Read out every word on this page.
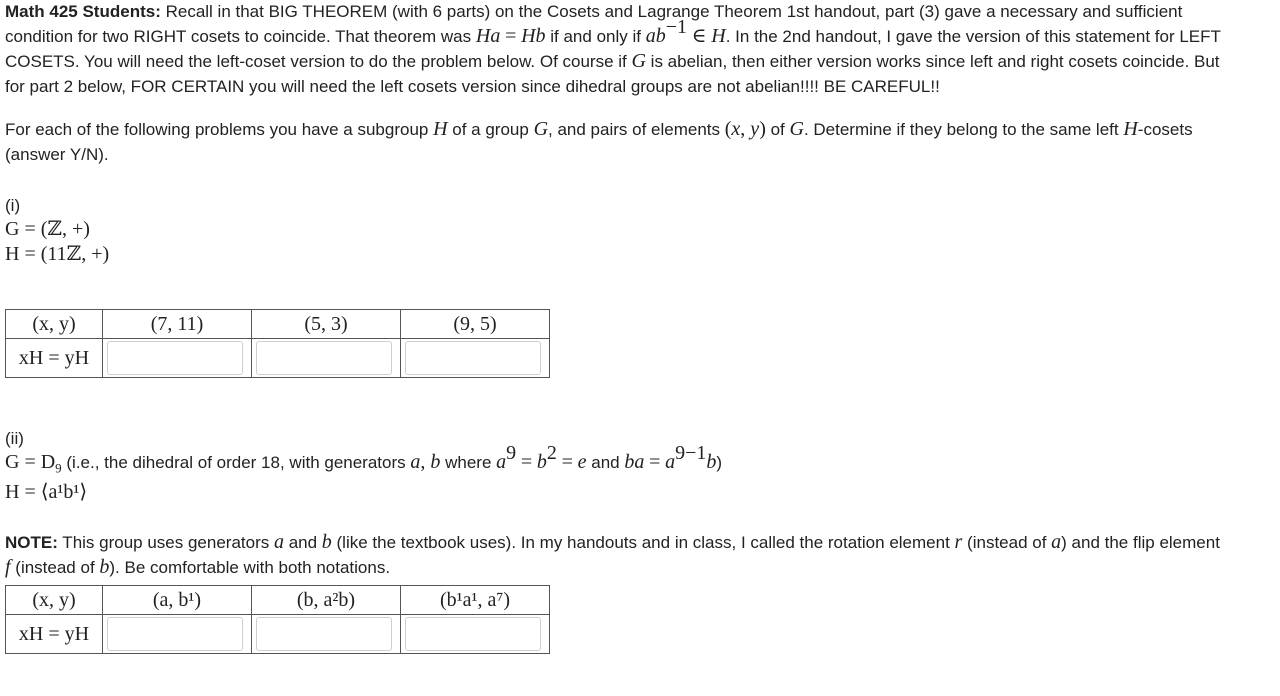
Math 425 Students: Recall in that BIG THEOREM (with 6 parts) on the Cosets and Lagrange Theorem 1st handout, part (3) gave a necessary and sufficient
condition for two RIGHT cosets to coincide. That theorem was Ha = Hb if and only if $ab^{-1}$ ∈ H. In the 2nd handout, I gave the version of this statement for LEFT
COSETS. You will need the left-coset version to do the problem below. Of course if G is abelian, then either version works since left and right cosets coincide. But
for part 2 below, FOR CERTAIN you will need the left cosets version since dihedral groups are not abelian!!!! BE CAREFUL!!

For each of the following problems you have a subgroup H of a group G, and pairs of elements (x, y) of G. Determine if they belong to the same left H-cosets
(answer Y/N).

(i)
G = (ℤ, +)
H = (11ℤ, +)
(x, y)	(7, 11)	(5, 3)	(9, 5)
xH = yH	

(ii)
$G = D_9$ (i.e., the dihedral of order 18, with generators a, b where $a^9 = b^2 = e$ and ba = $a^{9-1}b$)
H = ⟨a¹b¹⟩

NOTE: This group uses generators a and b (like the textbook uses). In my handouts and in class, I called the rotation element r (instead of a) and the flip element
f (instead of b). Be comfortable with both notations.

(x, y)	(a, b¹)	(b, a²b)	(b¹a¹, a⁷)
xH = yH	
